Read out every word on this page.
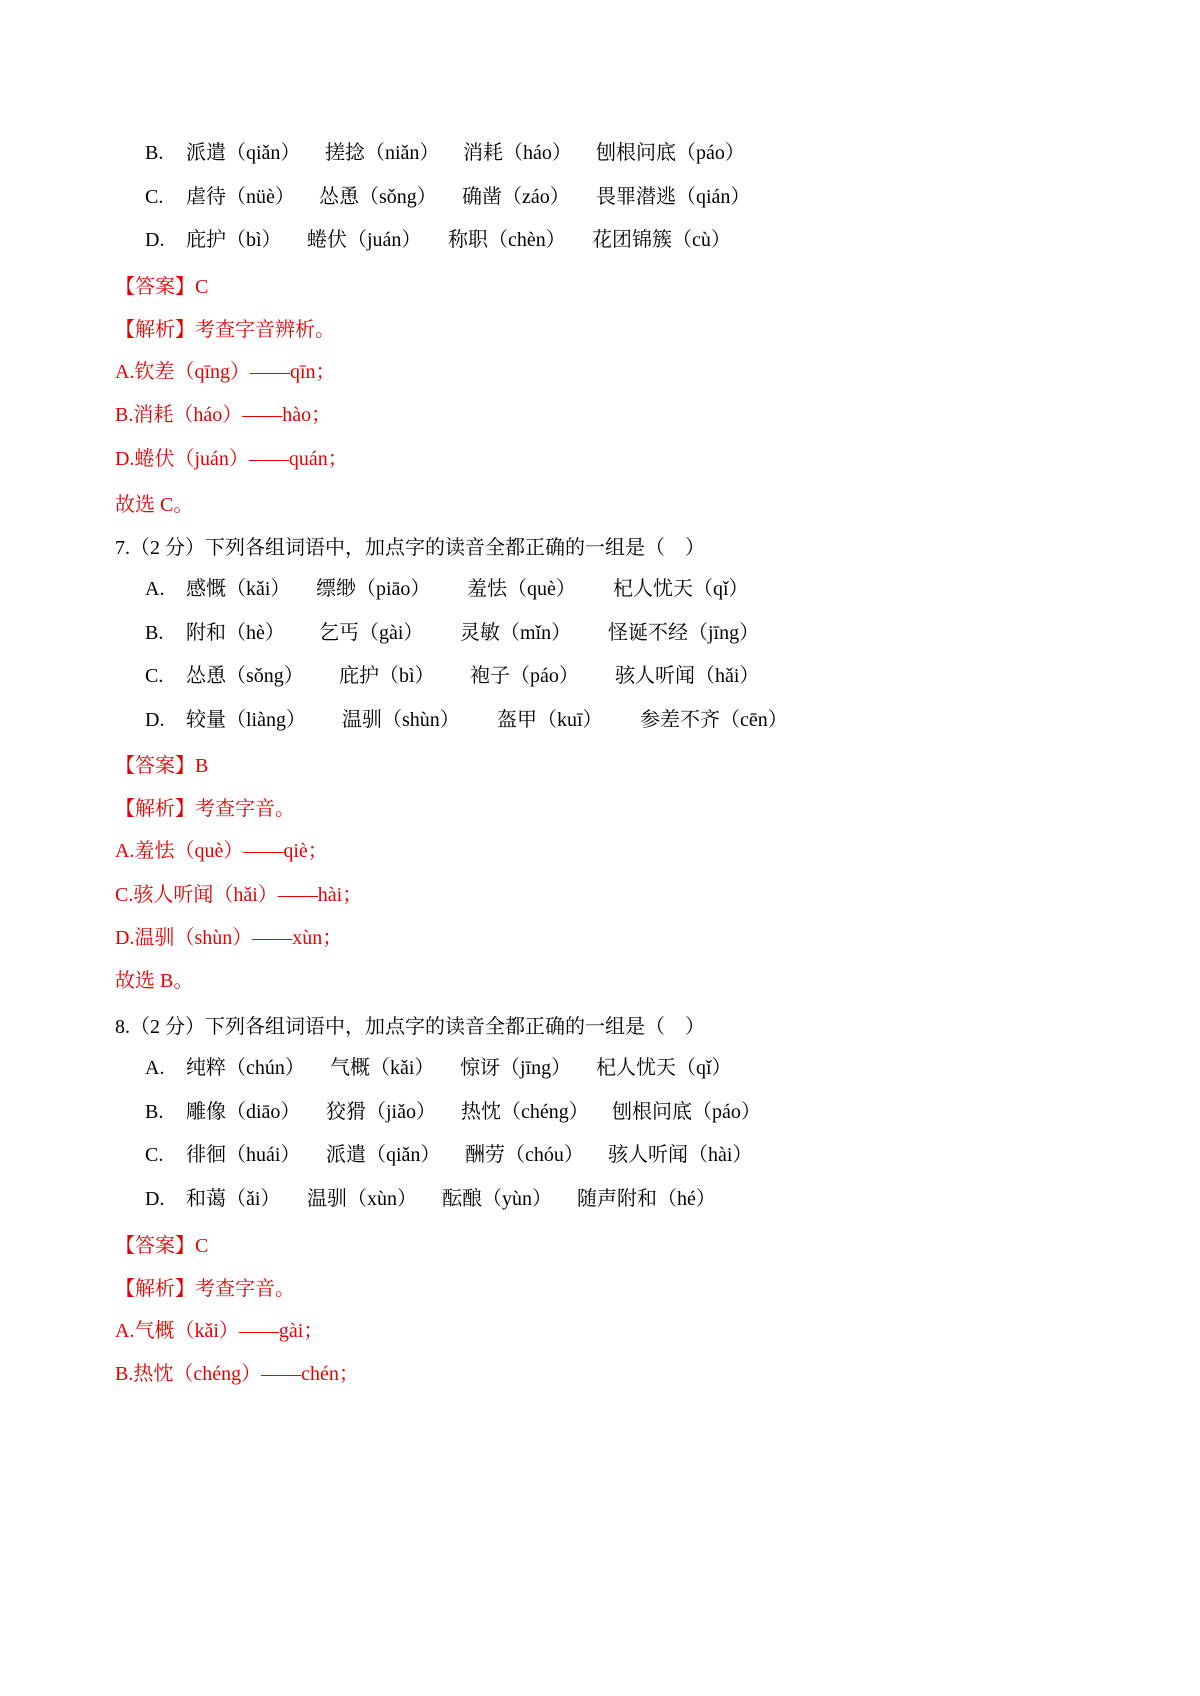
B. 派遣（qiǎn） 搓捻（niǎn） 消耗（háo） 刨根问底（páo）
C. 虐待（nüè） 怂恿（sǒng） 确凿（záo） 畏罪潜逃（qián）
D. 庇护（bì） 蜷伏（juán） 称职（chèn） 花团锦簇（cù）
【答案】C
【解析】考查字音辨析。
A.钦差（qīng）——qīn；
B.消耗（háo）——hào；
D.蜷伏（juán）——quán；
故选 C。
7.（2 分）下列各组词语中，加点字的读音全都正确的一组是（　）
A. 感慨（kǎi） 缥缈（piāo） 羞怯（què） 杞人忧天（qǐ）
B. 附和（hè） 乞丐（gài） 灵敏（mǐn） 怪诞不经（jīng）
C. 怂恿（sǒng） 庇护（bì） 袍子（páo） 骇人听闻（hǎi）
D. 较量（liàng） 温驯（shùn） 盔甲（kuī） 参差不齐（cēn）
【答案】B
【解析】考查字音。
A.羞怯（què）——qiè；
C.骇人听闻（hǎi）——hài；
D.温驯（shùn）——xùn；
故选 B。
8.（2 分）下列各组词语中，加点字的读音全都正确的一组是（　）
A. 纯粹（chún） 气概（kǎi） 惊讶（jīng） 杞人忧天（qǐ）
B. 雕像（diāo） 狡猾（jiǎo） 热忱（chéng） 刨根问底（páo）
C. 徘徊（huái） 派遣（qiǎn） 酬劳（chóu） 骇人听闻（hài）
D. 和蔼（ǎi） 温驯（xùn） 酝酿（yùn） 随声附和（hé）
【答案】C
【解析】考查字音。
A.气概（kǎi）——gài；
B.热忱（chéng）——chén；
